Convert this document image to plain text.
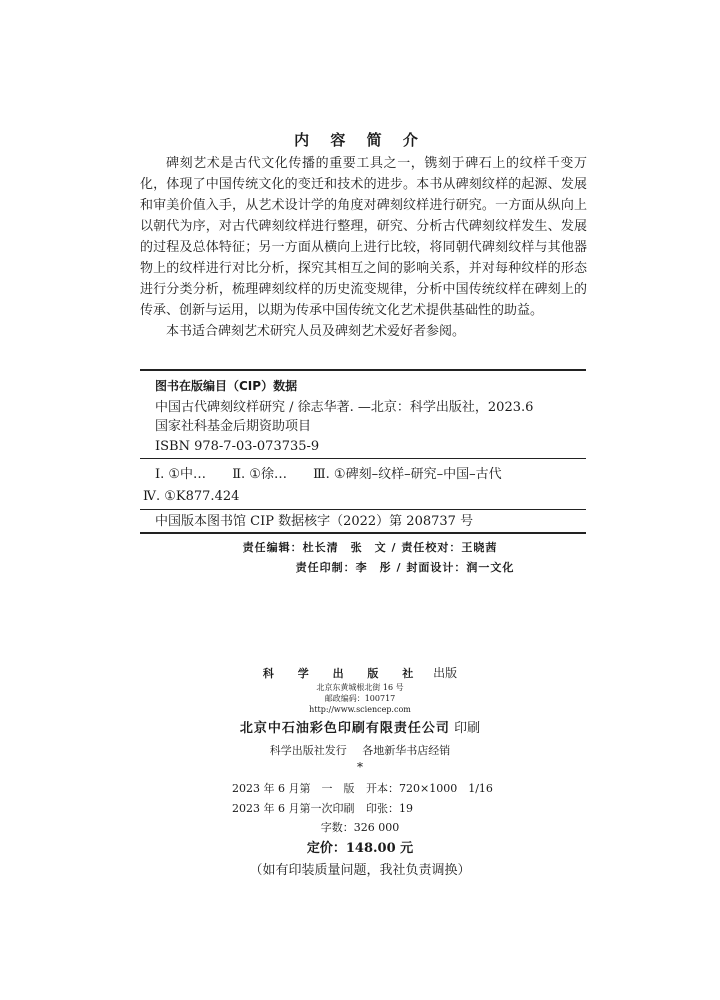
内 容 简 介

碑刻艺术是古代文化传播的重要工具之一，镌刻于碑石上的纹样千变万化，体现了中国传统文化的变迁和技术的进步。本书从碑刻纹样的起源、发展和审美价值入手，从艺术设计学的角度对碑刻纹样进行研究。一方面从纵向上以朝代为序，对古代碑刻纹样进行整理，研究、分析古代碑刻纹样发生、发展的过程及总体特征；另一方面从横向上进行比较，将同朝代碑刻纹样与其他器物上的纹样进行对比分析，探究其相互之间的影响关系，并对每种纹样的形态进行分类分析，梳理碑刻纹样的历史流变规律，分析中国传统纹样在碑刻上的传承、创新与运用，以期为传承中国传统文化艺术提供基础性的助益。

本书适合碑刻艺术研究人员及碑刻艺术爱好者参阅。

图书在版编目（CIP）数据
中国古代碑刻纹样研究 / 徐志华著. —北京：科学出版社，2023.6
国家社科基金后期资助项目
ISBN 978-7-03-073735-9
Ⅰ. ①中… Ⅱ. ①徐… Ⅲ. ①碑刻–纹样–研究–中国–古代
Ⅳ. ①K877.424
中国版本图书馆 CIP 数据核字（2022）第 208737 号
责任编辑：杜长清　张　文 / 责任校对：王晓茜
责任印制：李　彤 / 封面设计：润一文化
科 学 出 版 社 出版
北京东黄城根北街 16 号
邮政编码：100717
http://www.sciencep.com
北京中石油彩色印刷有限责任公司 印刷
科学出版社发行 各地新华书店经销
*
2023 年 6 月第　一　版 开本：720×1000　1/16
2023 年 6 月第一次印刷 印张：19
字数：326 000
定价：148.00 元
（如有印装质量问题，我社负责调换）
